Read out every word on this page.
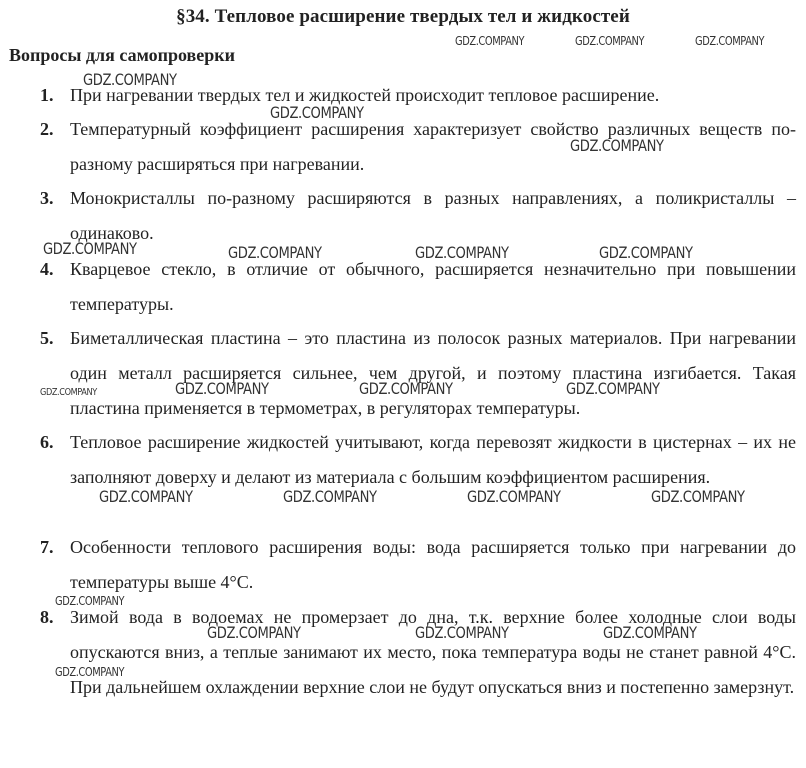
§34. Тепловое расширение твердых тел и жидкостей
Вопросы для самопроверки
1. При нагревании твердых тел и жидкостей происходит тепловое расширение.
2. Температурный коэффициент расширения характеризует свойство различных веществ по-разному расширяться при нагревании.
3. Монокристаллы по-разному расширяются в разных направлениях, а поликристаллы – одинаково.
4. Кварцевое стекло, в отличие от обычного, расширяется незначительно при повышении температуры.
5. Биметаллическая пластина – это пластина из полосок разных материалов. При нагревании один металл расширяется сильнее, чем другой, и поэтому пластина изгибается. Такая пластина применяется в термометрах, в регуляторах температуры.
6. Тепловое расширение жидкостей учитывают, когда перевозят жидкости в цистернах – их не заполняют доверху и делают из материала с большим коэффициентом расширения.
7. Особенности теплового расширения воды: вода расширяется только при нагревании до температуры выше 4°С.
8. Зимой вода в водоемах не промерзает до дна, т.к. верхние более холодные слои воды опускаются вниз, а теплые занимают их место, пока температура воды не станет равной 4°С. При дальнейшем охлаждении верхние слои не будут опускаться вниз и постепенно замерзнут.
GDZ.COMPANY	GDZ.COMPANY	GDZ.COMPANY
GDZ.COMPANY
GDZ.COMPANY
GDZ.COMPANY
GDZ.COMPANY	GDZ.COMPANY	GDZ.COMPANY	GDZ.COMPANY
GDZ.COMPANY	GDZ.COMPANY	GDZ.COMPANY	GDZ.COMPANY
GDZ.COMPANY	GDZ.COMPANY	GDZ.COMPANY	GDZ.COMPANY
GDZ.COMPANY
GDZ.COMPANY	GDZ.COMPANY	GDZ.COMPANY
GDZ.COMPANY
